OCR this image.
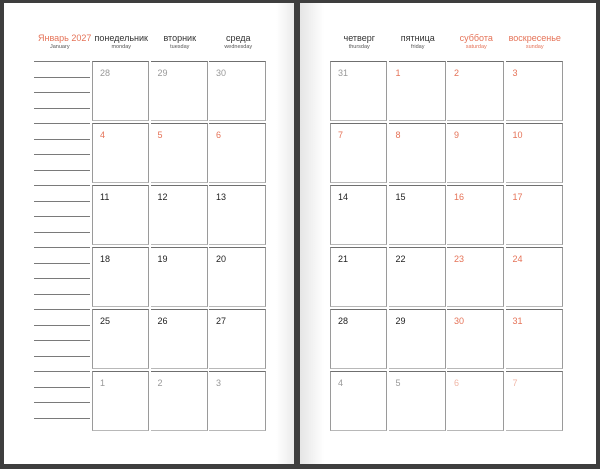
Январь 2027
January
понедельник
monday
вторник
tuesday
среда
wednesday
28	29	30
4	5	6
11	12	13
18	19	20
25	26	27
1	2	3
четверг
thursday
пятница
friday
суббота
saturday
воскресенье
sunday
31	1	2	3
7	8	9	10
14	15	16	17
21	22	23	24
28	29	30	31
4	5	6	7
